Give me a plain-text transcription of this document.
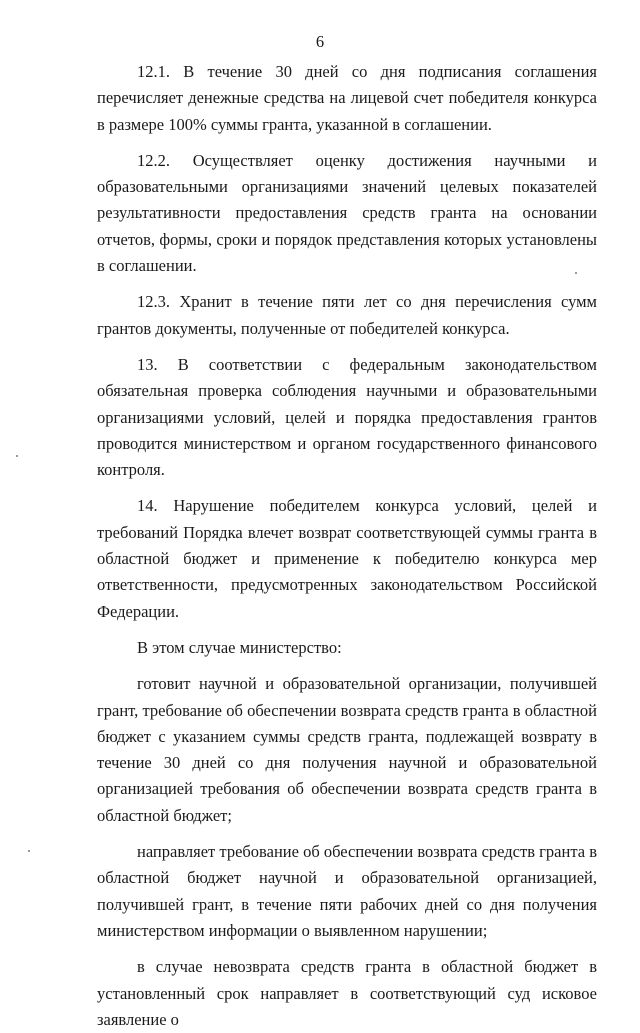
6

12.1. В течение 30 дней со дня подписания соглашения перечисляет денежные средства на лицевой счет победителя конкурса в размере 100% суммы гранта, указанной в соглашении.

12.2. Осуществляет оценку достижения научными и образовательными организациями значений целевых показателей результативности предоставления средств гранта на основании отчетов, формы, сроки и порядок представления которых установлены в соглашении.

12.3. Хранит в течение пяти лет со дня перечисления сумм грантов документы, полученные от победителей конкурса.

13. В соответствии с федеральным законодательством обязательная проверка соблюдения научными и образовательными организациями условий, целей и порядка предоставления грантов проводится министерством и органом государственного финансового контроля.

14. Нарушение победителем конкурса условий, целей и требований Порядка влечет возврат соответствующей суммы гранта в областной бюджет и применение к победителю конкурса мер ответственности, предусмотренных законодательством Российской Федерации.

В этом случае министерство:

готовит научной и образовательной организации, получившей грант, требование об обеспечении возврата средств гранта в областной бюджет с указанием суммы средств гранта, подлежащей возврату в течение 30 дней со дня получения научной и образовательной организацией требования об обеспечении возврата средств гранта в областной бюджет;

направляет требование об обеспечении возврата средств гранта в областной бюджет научной и образовательной организацией, получившей грант, в течение пяти рабочих дней со дня получения министерством информации о выявленном нарушении;

в случае невозврата средств гранта в областной бюджет в установленный срок направляет в соответствующий суд исковое заявление о
